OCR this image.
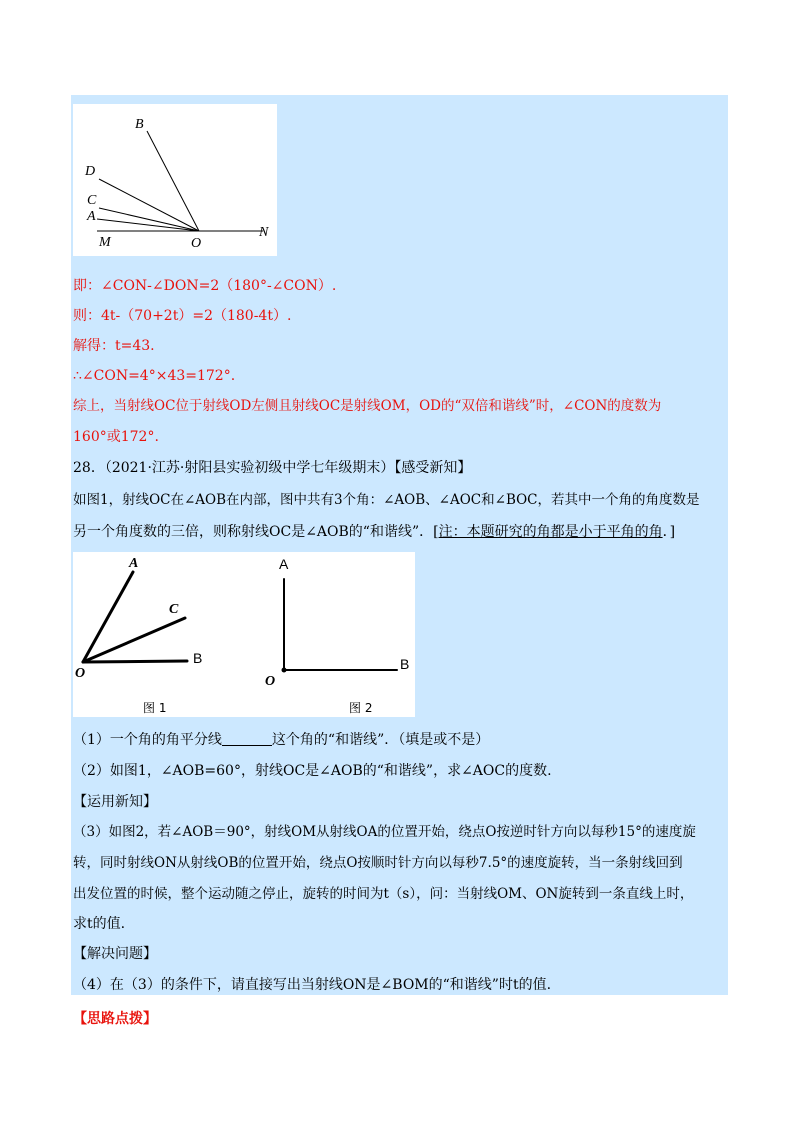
B
D
C
A
M	O
N
即：∠CON-∠DON=2（180°-∠CON）.
则：4t-（70+2t）=2（180-4t）.
解得：t=43.
∴∠CON=4°×43=172°.
综上，当射线OC位于射线OD左侧且射线OC是射线OM，OD的“双倍和谐线”时，∠CON的度数为
160°或172°.
28．（2021·江苏·射阳县实验初级中学七年级期末）【感受新知】
如图1，射线OC在∠AOB在内部，图中共有3个角：∠AOB、∠AOC和∠BOC，若其中一个角的角度数是
另一个角度数的三倍，则称射线OC是∠AOB的“和谐线”．[注：本题研究的角都是小于平角的角．]
A
C
B
O
图 1
A
B
O
图 2
（1）一个角的角平分线	这个角的“和谐线”．（填是或不是）
（2）如图1，∠AOB=60°，射线OC是∠AOB的“和谐线”，求∠AOC的度数.
【运用新知】
（3）如图2，若∠AOB＝90°，射线OM从射线OA的位置开始，绕点O按逆时针方向以每秒15°的速度旋
转，同时射线ON从射线OB的位置开始，绕点O按顺时针方向以每秒7.5°的速度旋转，当一条射线回到
出发位置的时候，整个运动随之停止，旋转的时间为t（s），问：当射线OM、ON旋转到一条直线上时，
求t的值.
【解决问题】
（4）在（3）的条件下，请直接写出当射线ON是∠BOM的“和谐线”时t的值.
【思路点拨】
